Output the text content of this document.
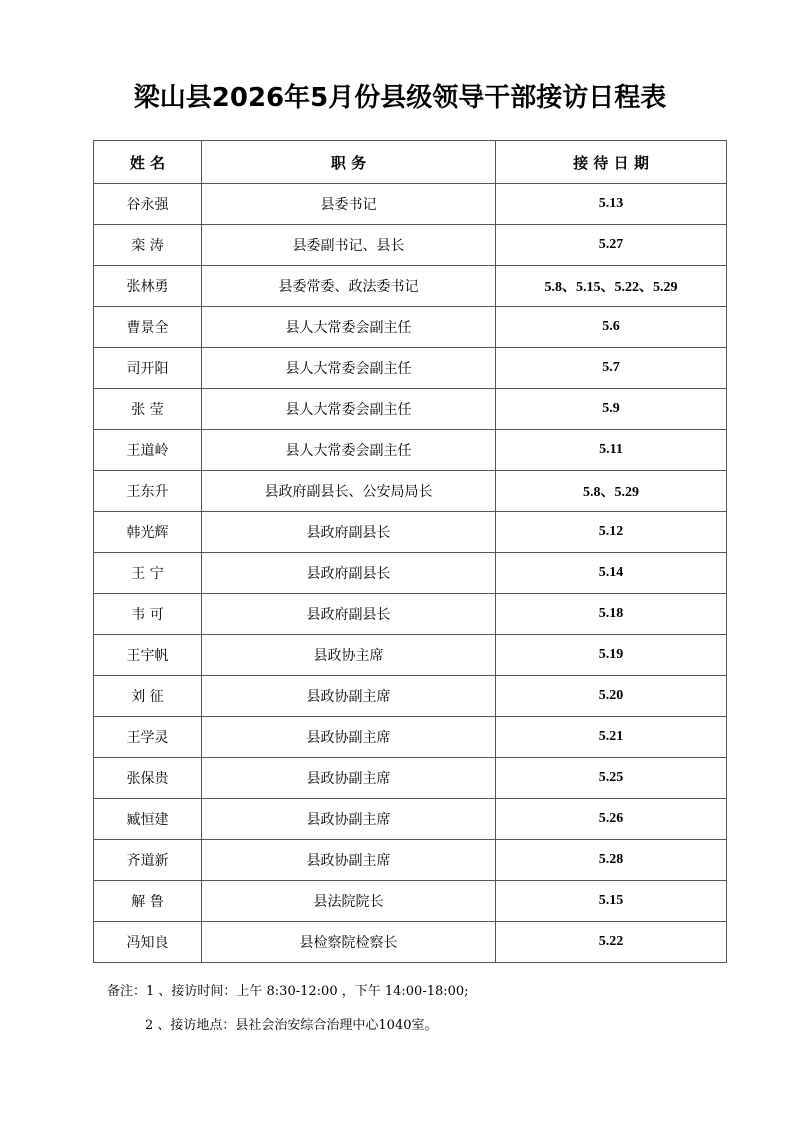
梁山县2026年5月份县级领导干部接访日程表
姓 名	职 务	接 待 日 期
谷永强	县委书记	5.13
栾 涛	县委副书记、县长	5.27
张林勇	县委常委、政法委书记	5.8、5.15、5.22、5.29
曹景全	县人大常委会副主任	5.6
司开阳	县人大常委会副主任	5.7
张 莹	县人大常委会副主任	5.9
王道岭	县人大常委会副主任	5.11
王东升	县政府副县长、公安局局长	5.8、5.29
韩光辉	县政府副县长	5.12
王 宁	县政府副县长	5.14
韦 可	县政府副县长	5.18
王宇帆	县政协主席	5.19
刘 征	县政协副主席	5.20
王学灵	县政协副主席	5.21
张保贵	县政协副主席	5.25
臧恒建	县政协副主席	5.26
齐道新	县政协副主席	5.28
解 鲁	县法院院长	5.15
冯知良	县检察院检察长	5.22
备注：1 、接访时间：上午 8:30-12:00 ，下午 14:00-18:00;
2 、接访地点：县社会治安综合治理中心1040室。
